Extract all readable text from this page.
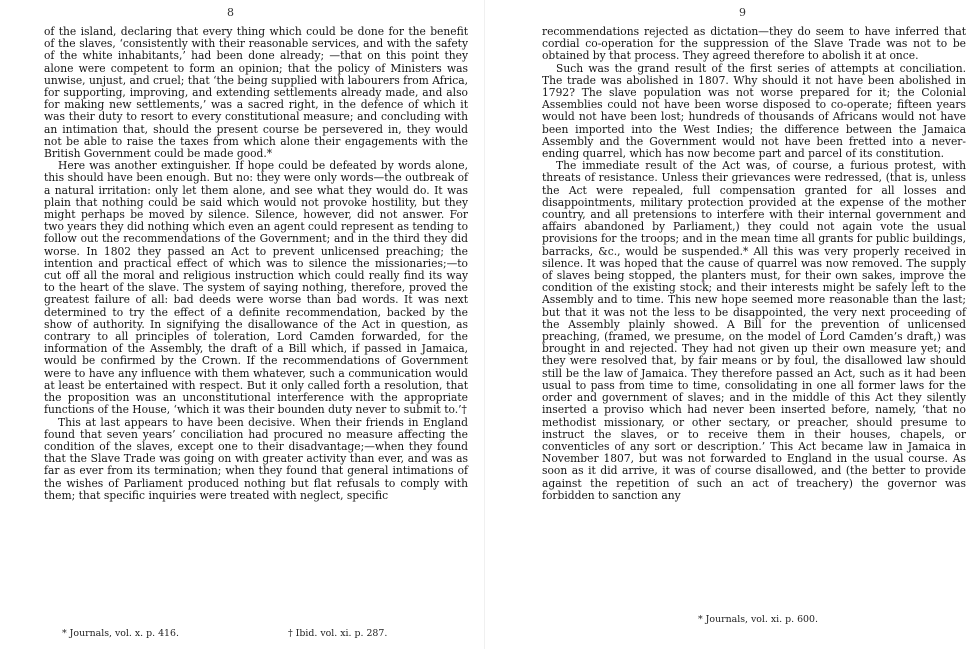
8

of the island, declaring that every thing which could be done for the benefit of the slaves, ‘consistently with their reasonable services, and with the safety of the white inhabitants,’ had been done already; —that on this point they alone were competent to form an opinion; that the policy of Ministers was unwise, unjust, and cruel; that ‘the being supplied with labourers from Africa, for supporting, improving, and extending settlements already made, and also for making new settlements,’ was a sacred right, in the defence of which it was their duty to resort to every constitutional measure; and concluding with an intimation that, should the present course be persevered in, they would not be able to raise the taxes from which alone their engagements with the British Government could be made good.*

Here was another extinguisher. If hope could be defeated by words alone, this should have been enough. But no: they were only words—the outbreak of a natural irritation: only let them alone, and see what they would do. It was plain that nothing could be said which would not provoke hostility, but they might perhaps be moved by silence. Silence, however, did not answer. For two years they did nothing which even an agent could represent as tending to follow out the recommendations of the Government; and in the third they did worse. In 1802 they passed an Act to prevent unlicensed preaching; the intention and practical effect of which was to silence the missionaries;—to cut off all the moral and religious instruction which could really find its way to the heart of the slave. The system of saying nothing, therefore, proved the greatest failure of all: bad deeds were worse than bad words. It was next determined to try the effect of a definite recommendation, backed by the show of authority. In signifying the disallowance of the Act in question, as contrary to all principles of toleration, Lord Camden forwarded, for the information of the Assembly, the draft of a Bill which, if passed in Jamaica, would be confirmed by the Crown. If the recommendations of Government were to have any influence with them whatever, such a communication would at least be entertained with respect. But it only called forth a resolution, that the proposition was an unconstitutional interference with the appropriate functions of the House, ‘which it was their bounden duty never to submit to.’†

This at last appears to have been decisive. When their friends in England found that seven years’ conciliation had procured no measure affecting the condition of the slaves, except one to their disadvantage;—when they found that the Slave Trade was going on with greater activity than ever, and was as far as ever from its termination; when they found that general intimations of the wishes of Parliament produced nothing but flat refusals to comply with them; that specific inquiries were treated with neglect, specific

* Journals, vol. x. p. 416.	† Ibid. vol. xi. p. 287.
9

recommendations rejected as dictation—they do seem to have inferred that cordial co-operation for the suppression of the Slave Trade was not to be obtained by that process. They agreed therefore to abolish it at once.

Such was the grand result of the first series of attempts at conciliation. The trade was abolished in 1807. Why should it not have been abolished in 1792? The slave population was not worse prepared for it; the Colonial Assemblies could not have been worse disposed to co-operate; fifteen years would not have been lost; hundreds of thousands of Africans would not have been imported into the West Indies; the difference between the Jamaica Assembly and the Government would not have been fretted into a never-ending quarrel, which has now become part and parcel of its constitution.

The immediate result of the Act was, of course, a furious protest, with threats of resistance. Unless their grievances were redressed, (that is, unless the Act were repealed, full compensation granted for all losses and disappointments, military protection provided at the expense of the mother country, and all pretensions to interfere with their internal government and affairs abandoned by Parliament,) they could not again vote the usual provisions for the troops; and in the mean time all grants for public buildings, barracks, &c., would be suspended.* All this was very properly received in silence. It was hoped that the cause of quarrel was now removed. The supply of slaves being stopped, the planters must, for their own sakes, improve the condition of the existing stock; and their interests might be safely left to the Assembly and to time. This new hope seemed more reasonable than the last; but that it was not the less to be disappointed, the very next proceeding of the Assembly plainly showed. A Bill for the prevention of unlicensed preaching, (framed, we presume, on the model of Lord Camden’s draft,) was brought in and rejected. They had not given up their own measure yet; and they were resolved that, by fair means or by foul, the disallowed law should still be the law of Jamaica. They therefore passed an Act, such as it had been usual to pass from time to time, consolidating in one all former laws for the order and government of slaves; and in the middle of this Act they silently inserted a proviso which had never been inserted before, namely, ‘that no methodist missionary, or other sectary, or preacher, should presume to instruct the slaves, or to receive them in their houses, chapels, or conventicles of any sort or description.’ This Act became law in Jamaica in November 1807, but was not forwarded to England in the usual course. As soon as it did arrive, it was of course disallowed, and (the better to provide against the repetition of such an act of treachery) the governor was forbidden to sanction any

* Journals, vol. xi. p. 600.
